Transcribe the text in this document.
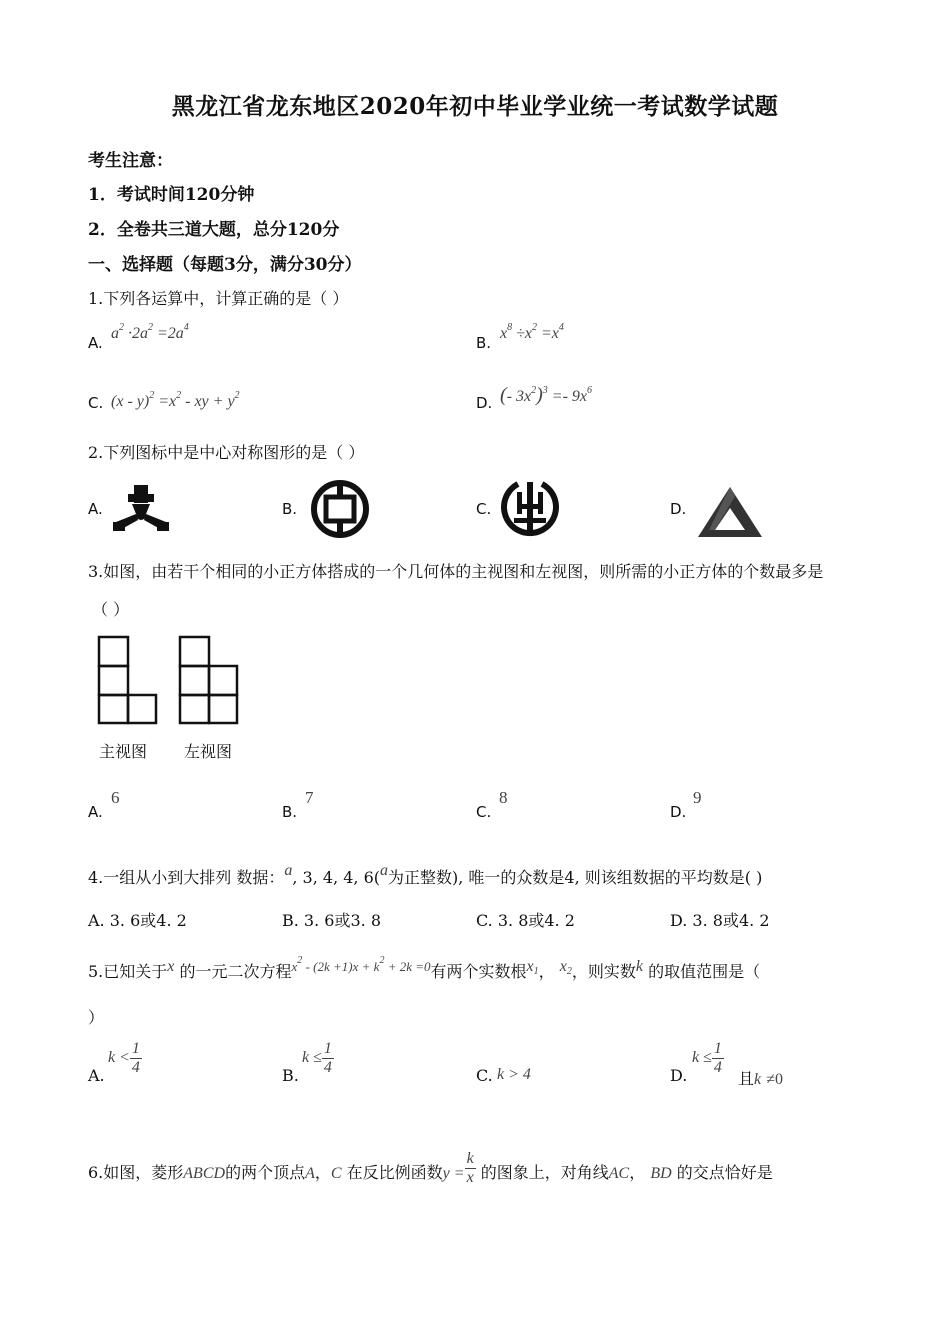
黑龙江省龙东地区2020年初中毕业学业统一考试数学试题
考生注意：
1．考试时间120分钟
2．全卷共三道大题，总分120分
一、选择题（每题3分，满分30分）
1.下列各运算中，计算正确的是（ ）
A.
$a^2 \cdot 2a^2 =2a^4$
B.
$x^8 \div x^2 =x^4$
C. $(x - y)^2 =x^2$ - xy + $y^2$	D. (- $3x^2)^3 =- 9x^6$
2.下列图标中是中心对称图形的是（ ）
A.	B.	C.	D.
3.如图，由若干个相同的小正方体搭成的一个几何体的主视图和左视图，则所需的小正方体的个数最多是
（ ）
主视图 左视图
A.
6
B.
7
C.
8
D.
9
4.一组从小到大排列 数据：a, 3, 4, 4, 6(a为正整数), 唯一的众数是4, 则该组数据的平均数是( )
A. 3. 6或4. 2	B. 3. 6或3. 8	C. 3. 8或4. 2	D. 3. 8或4. 2
5.已知关于x 的一元二次方程$^{x^2 - (2k +1)x + k^2 + 2k =0}$有两个实数根$x_1$， $x_2$，则实数k 的取值范围是（
）
A.
$k < \frac{1}{4}$	B.
$k \le \frac{1}{4}$	C. k > 4	D.
$k \le \frac{1}{4}$
且k ≠0
6.如图，菱形ABCD的两个顶点A，C 在反比例函数$y = \frac{k}{x}$ 的图象上，对角线AC， BD 的交点恰好是
